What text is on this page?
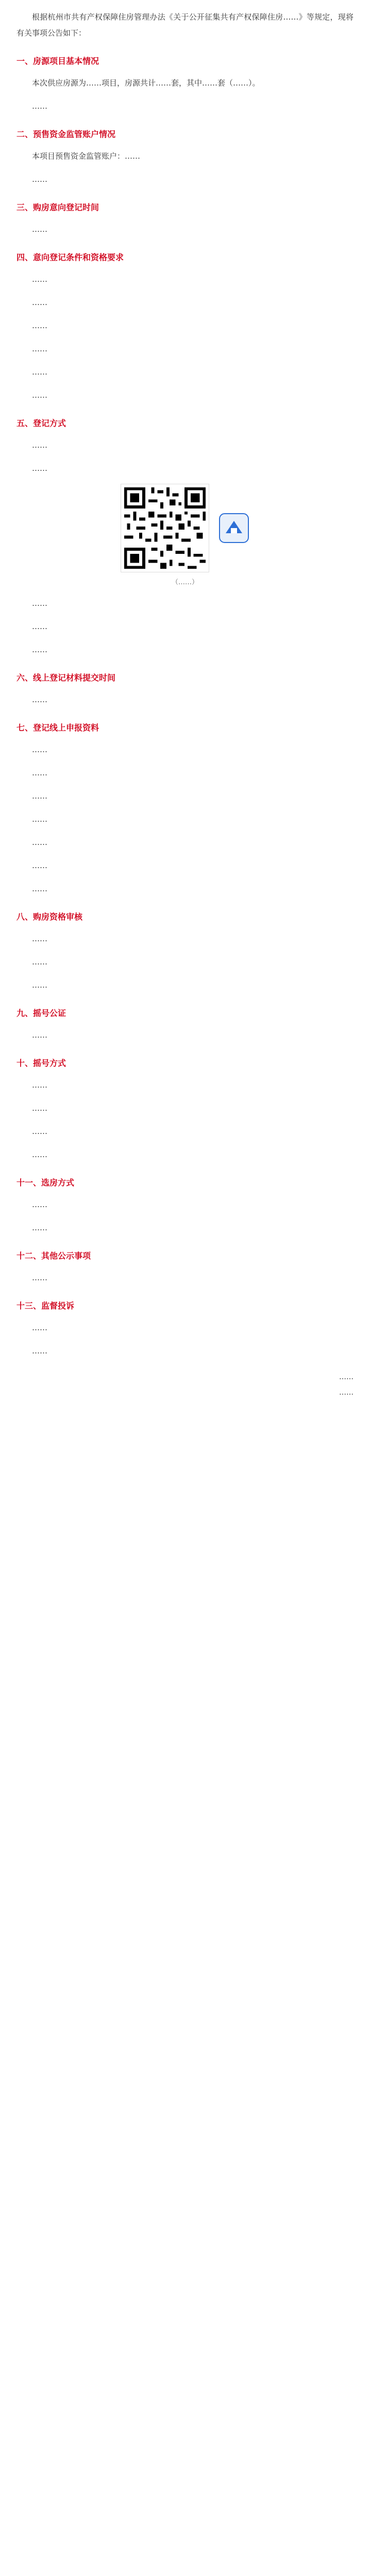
根据杭州市共有产权保障住房管理办法《关于公开征集共有产权保障住房……》等规定，现将有关事项公告如下：

一、房源项目基本情况

本次供应房源为……项目，房源共计……套，其中……套（……）。

……

二、预售资金监管账户情况

本项目预售资金监管账户：……

……

三、购房意向登记时间

……

四、意向登记条件和资格要求

……

……

……

……

……

……

五、登记方式

……

……

（……）

……

……

……

六、线上登记材料提交时间

……

七、登记线上申报资料

……

……

……

……

……

……

……

八、购房资格审核

……

……

……

九、摇号公证

……

十、摇号方式

……

……

……

……

十一、选房方式

……

……

十二、其他公示事项

……

十三、监督投诉

……

……

……
……
